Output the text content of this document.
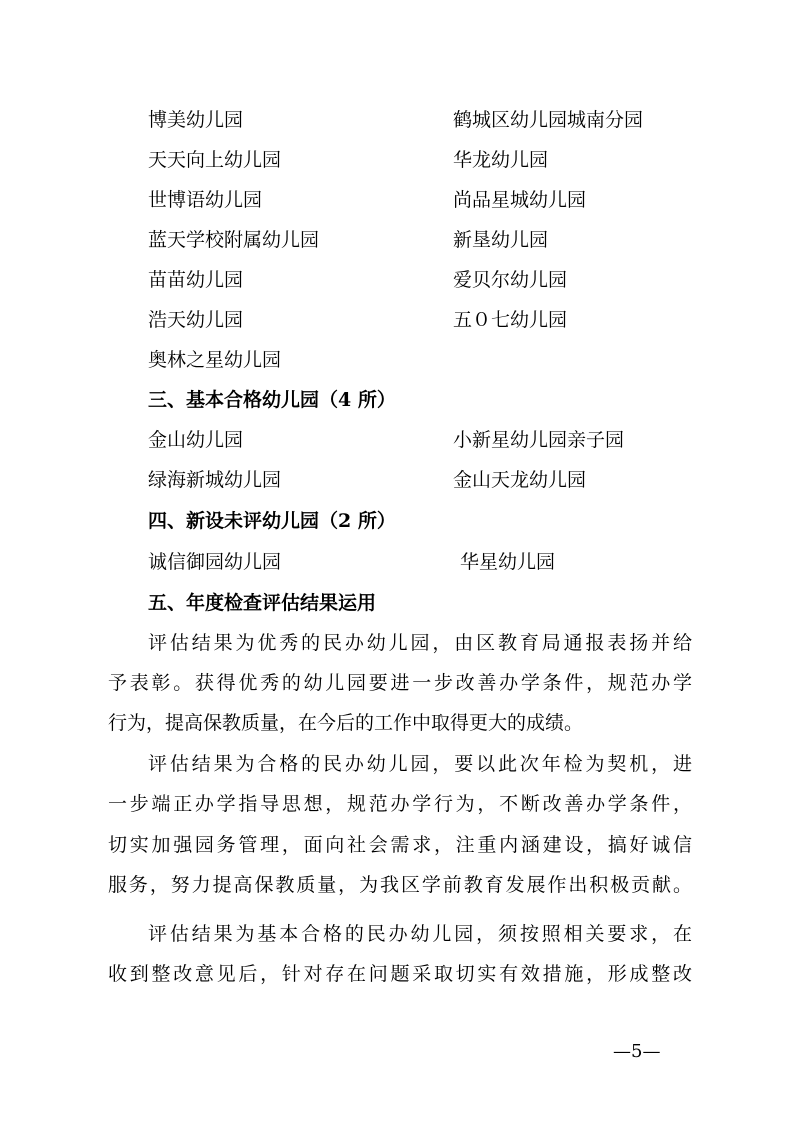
博美幼儿园	鹤城区幼儿园城南分园
天天向上幼儿园	华龙幼儿园
世博语幼儿园	尚品星城幼儿园
蓝天学校附属幼儿园	新垦幼儿园
苗苗幼儿园	爱贝尔幼儿园
浩天幼儿园	五０七幼儿园
奥林之星幼儿园
三、基本合格幼儿园（4 所）
金山幼儿园	小新星幼儿园亲子园
绿海新城幼儿园	金山天龙幼儿园
四、新设未评幼儿园（2 所）
诚信御园幼儿园	华星幼儿园
五、年度检查评估结果运用
评估结果为优秀的民办幼儿园，由区教育局通报表扬并给
予表彰。获得优秀的幼儿园要进一步改善办学条件，规范办学
行为，提高保教质量，在今后的工作中取得更大的成绩。
评估结果为合格的民办幼儿园，要以此次年检为契机，进
一步端正办学指导思想，规范办学行为，不断改善办学条件，
切实加强园务管理，面向社会需求，注重内涵建设，搞好诚信
服务，努力提高保教质量，为我区学前教育发展作出积极贡献。
评估结果为基本合格的民办幼儿园，须按照相关要求，在
收到整改意见后，针对存在问题采取切实有效措施，形成整改
—5—
